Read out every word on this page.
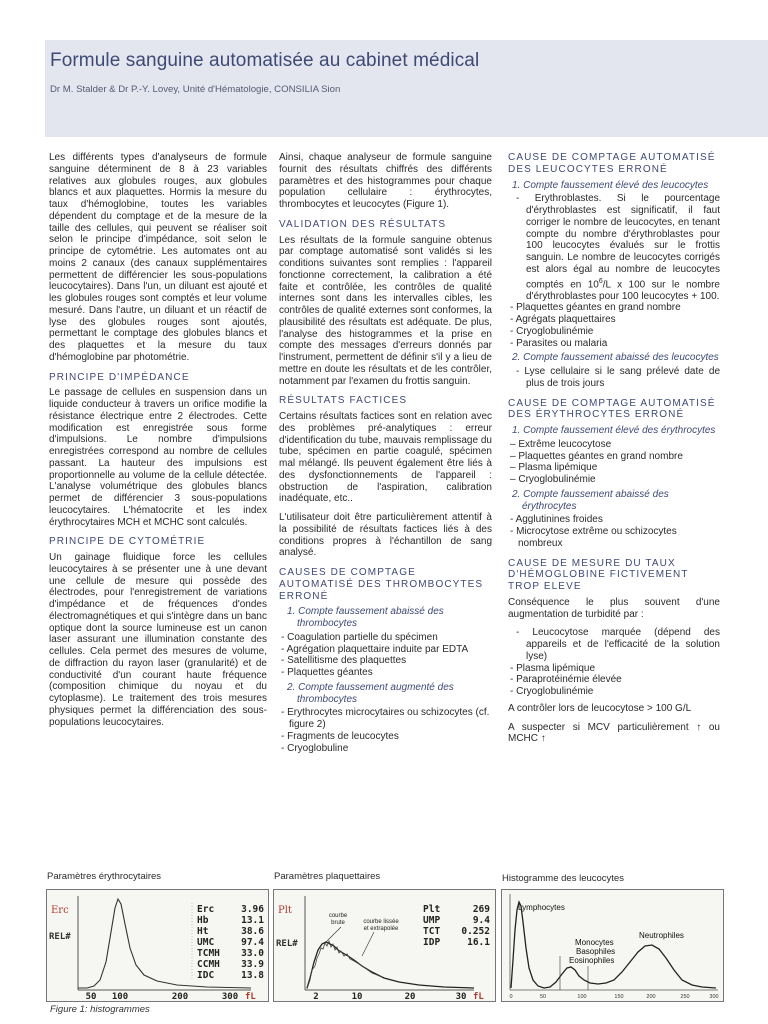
Formule sanguine automatisée au cabinet médical
Dr M. Stalder & Dr P.-Y. Lovey, Unité d'Hématologie, CONSILIA Sion

Les différents types d'analyseurs de formule sanguine déterminent de 8 à 23 variables relatives aux globules rouges, aux globules blancs et aux plaquettes. Hormis la mesure du taux d'hémoglobine, toutes les variables dépendent du comptage et de la mesure de la taille des cellules, qui peuvent se réaliser soit selon le principe d'impédance, soit selon le principe de cytométrie. Les automates ont au moins 2 canaux (des canaux supplémentaires permettent de différencier les sous-populations leucocytaires). Dans l'un, un diluant est ajouté et les globules rouges sont comptés et leur volume mesuré. Dans l'autre, un diluant et un réactif de lyse des globules rouges sont ajoutés, permettant le comptage des globules blancs et des plaquettes et la mesure du taux d'hémoglobine par photométrie.

PRINCIPE D'IMPÉDANCE

Le passage de cellules en suspension dans un liquide conducteur à travers un orifice modifie la résistance électrique entre 2 électrodes. Cette modification est enregistrée sous forme d'impulsions. Le nombre d'impulsions enregistrées correspond au nombre de cellules passant. La hauteur des impulsions est proportionnelle au volume de la cellule détectée. L'analyse volumétrique des globules blancs permet de différencier 3 sous-populations leucocytaires. L'hématocrite et les index érythrocytaires MCH et MCHC sont calculés.

PRINCIPE DE CYTOMÉTRIE

Un gainage fluidique force les cellules leucocytaires à se présenter une à une devant une cellule de mesure qui possède des électrodes, pour l'enregistrement de variations d'impédance et de fréquences d'ondes électromagnétiques et qui s'intègre dans un banc optique dont la source lumineuse est un canon laser assurant une illumination constante des cellules. Cela permet des mesures de volume, de diffraction du rayon laser (granularité) et de conductivité d'un courant haute fréquence (composition chimique du noyau et du cytoplasme). Le traitement des trois mesures physiques permet la différenciation des sous-populations leucocytaires.

Ainsi, chaque analyseur de formule sanguine fournit des résultats chiffrés des différents paramètres et des histogrammes pour chaque population cellulaire : érythrocytes, thrombocytes et leucocytes (Figure 1).

VALIDATION DES RÉSULTATS

Les résultats de la formule sanguine obtenus par comptage automatisé sont validés si les conditions suivantes sont remplies : l'appareil fonctionne correctement, la calibration a été faite et contrôlée, les contrôles de qualité internes sont dans les intervalles cibles, les contrôles de qualité externes sont conformes, la plausibilité des résultats est adéquate. De plus, l'analyse des histogrammes et la prise en compte des messages d'erreurs donnés par l'instrument, permettent de définir s'il y a lieu de mettre en doute les résultats et de les contrôler, notamment par l'examen du frottis sanguin.

RÉSULTATS FACTICES

Certains résultats factices sont en relation avec des problèmes pré-analytiques : erreur d'identification du tube, mauvais remplissage du tube, spécimen en partie coagulé, spécimen mal mélangé. Ils peuvent également être liés à des dysfonctionnements de l'appareil : obstruction de l'aspiration, calibration inadéquate, etc..

L'utilisateur doit être particulièrement attentif à la possibilité de résultats factices liés à des conditions propres à l'échantillon de sang analysé.

CAUSES DE COMPTAGE AUTOMATISÉ DES THROMBOCYTES ERRONÉ
1. Compte faussement abaissé des thrombocytes
- Coagulation partielle du spécimen
- Agrégation plaquettaire induite par EDTA
- Satellitisme des plaquettes
- Plaquettes géantes
2. Compte faussement augmenté des thrombocytes
- Erythrocytes microcytaires ou schizocytes (cf. figure 2)
- Fragments de leucocytes
- Cryoglobuline
CAUSE DE COMPTAGE AUTOMATISÉ DES LEUCOCYTES ERRONÉ
1. Compte faussement élevé des leucocytes
- Erythroblastes. Si le pourcentage d'érythroblastes est significatif, il faut corriger le nombre de leucocytes, en tenant compte du nombre d'érythroblastes pour 100 leucocytes évalués sur le frottis sanguin. Le nombre de leucocytes corrigés est alors égal au nombre de leucocytes comptés en $10^6/L$ x 100 sur le nombre d'érythroblastes pour 100 leucocytes + 100.
- Plaquettes géantes en grand nombre
- Agrégats plaquettaires
- Cryoglobulinémie
- Parasites ou malaria
2. Compte faussement abaissé des leucocytes
- Lyse cellulaire si le sang prélevé date de plus de trois jours
CAUSE DE COMPTAGE AUTOMATISÉ DES ÉRYTHROCYTES ERRONÉ
1. Compte faussement élevé des érythrocytes
– Extrême leucocytose
– Plaquettes géantes en grand nombre
– Plasma lipémique
– Cryoglobulinémie
2. Compte faussement abaissé des érythrocytes
- Agglutinines froides
- Microcytose extrême ou schizocytes nombreux
CAUSE DE MESURE DU TAUX D'HÉMOGLOBINE FICTIVEMENT TROP ELEVE

Conséquence le plus souvent d'une augmentation de turbidité par :

- Leucocytose marquée (dépend des appareils et de l'efficacité de la solution lyse)
- Plasma lipémique
- Paraprotéinémie élevée
- Cryoglobulinémie

A contrôler lors de leucocytose > 100 G/L

A suspecter si MCV particulièrement ↑ ou MCHC ↑

Paramètres érythrocytaires	Paramètres plaquettaires	Histogramme des leucocytes
Erc
REL#
Erc	3.96
Hb	13.1
Ht	38.6
UMC	97.4
TCMH 33.0
CCMH 33.9
IDC	13.8
50 100	200	300 fL
Plt
REL#
courbe
brute	courbe lissée
et extrapolée
Plt	269
UMP	9.4
TCT 0.252
IDP	16.1
2	10	20	30 fL
Lymphocytes
Monocytes
Basophiles
Eosinophiles
Neutrophiles
0	50	100	150	200	250	300
Figure 1: histogrammes
